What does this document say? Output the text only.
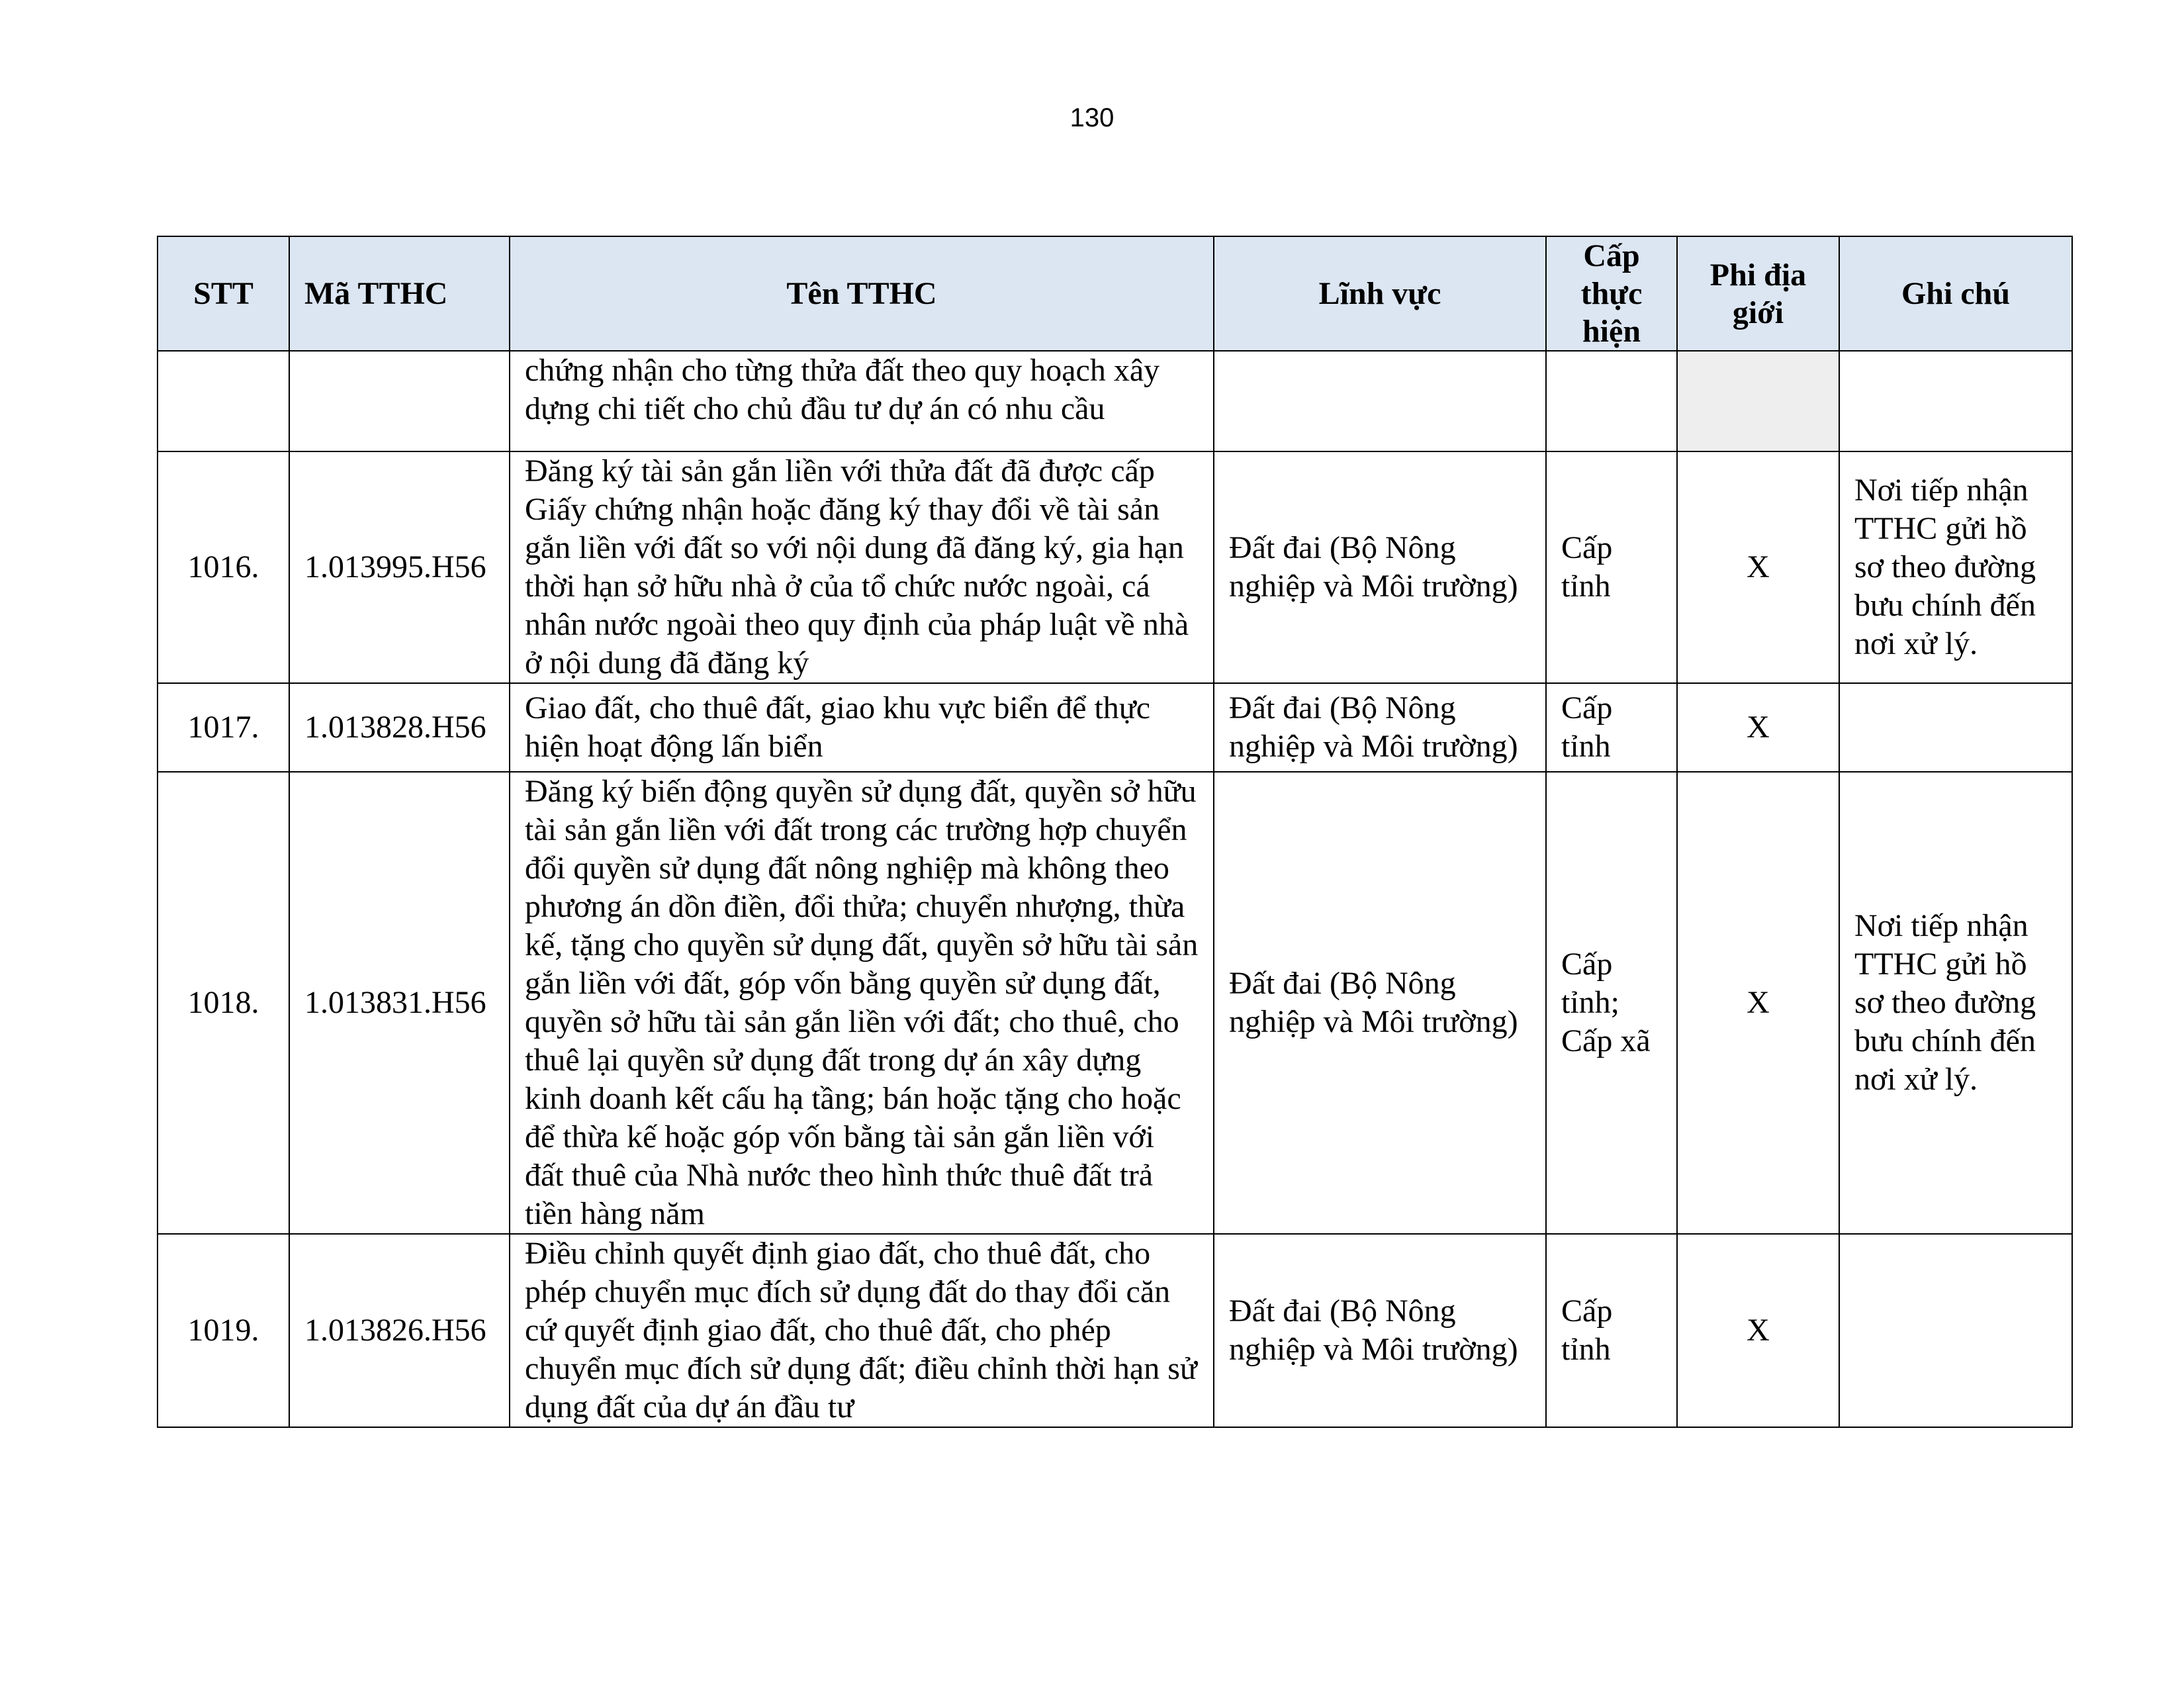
130
STT	Mã TTHC	Tên TTHC	Lĩnh vực	Cấp thực hiện	Phi địa giới	Ghi chú
		chứng nhận cho từng thửa đất theo quy hoạch xây dựng chi tiết cho chủ đầu tư dự án có nhu cầu				
1016.	1.013995.H56	Đăng ký tài sản gắn liền với thửa đất đã được cấp Giấy chứng nhận hoặc đăng ký thay đổi về tài sản gắn liền với đất so với nội dung đã đăng ký, gia hạn thời hạn sở hữu nhà ở của tổ chức nước ngoài, cá nhân nước ngoài theo quy định của pháp luật về nhà ở nội dung đã đăng ký	Đất đai (Bộ Nông nghiệp và Môi trường)	Cấp tỉnh	X	Nơi tiếp nhận TTHC gửi hồ sơ theo đường bưu chính đến nơi xử lý.
1017.	1.013828.H56	Giao đất, cho thuê đất, giao khu vực biển để thực hiện hoạt động lấn biển	Đất đai (Bộ Nông nghiệp và Môi trường)	Cấp tỉnh	X	
1018.	1.013831.H56	Đăng ký biến động quyền sử dụng đất, quyền sở hữu tài sản gắn liền với đất trong các trường hợp chuyển đổi quyền sử dụng đất nông nghiệp mà không theo phương án dồn điền, đổi thửa; chuyển nhượng, thừa kế, tặng cho quyền sử dụng đất, quyền sở hữu tài sản gắn liền với đất, góp vốn bằng quyền sử dụng đất, quyền sở hữu tài sản gắn liền với đất; cho thuê, cho thuê lại quyền sử dụng đất trong dự án xây dựng kinh doanh kết cấu hạ tầng; bán hoặc tặng cho hoặc để thừa kế hoặc góp vốn bằng tài sản gắn liền với đất thuê của Nhà nước theo hình thức thuê đất trả tiền hàng năm	Đất đai (Bộ Nông nghiệp và Môi trường)	Cấp tỉnh; Cấp xã	X	Nơi tiếp nhận TTHC gửi hồ sơ theo đường bưu chính đến nơi xử lý.
1019.	1.013826.H56	Điều chỉnh quyết định giao đất, cho thuê đất, cho phép chuyển mục đích sử dụng đất do thay đổi căn cứ quyết định giao đất, cho thuê đất, cho phép chuyển mục đích sử dụng đất; điều chỉnh thời hạn sử dụng đất của dự án đầu tư	Đất đai (Bộ Nông nghiệp và Môi trường)	Cấp tỉnh	X	
